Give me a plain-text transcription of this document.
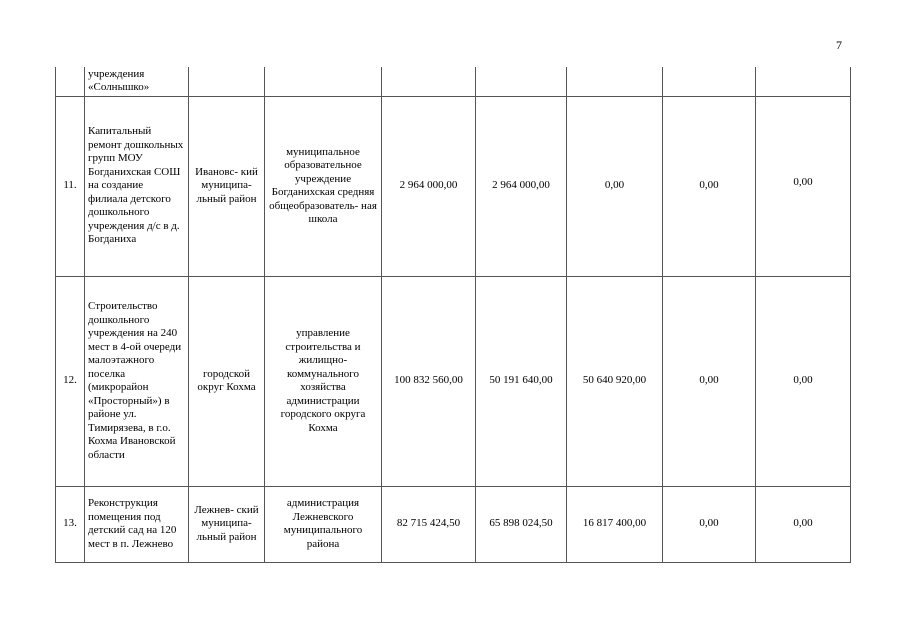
7
	учреждения «Солнышко»							
11.	Капитальный ремонт дошкольных групп МОУ Богданихская СОШ на создание филиала детского дошкольного учреждения д/с в д. Богданиха	Ивановс- кий муниципа- льный район	муниципальное образовательное учреждение Богданихская средняя общеобразователь- ная школа	2 964 000,00	2 964 000,00	0,00	0,00	0,00
12.	Строительство дошкольного учреждения на 240 мест в 4-ой очереди малоэтажного поселка (микрорайон «Просторный») в районе ул. Тимирязева, в г.о. Кохма Ивановской области	городской округ Кохма	управление строительства и жилищно- коммунального хозяйства администрации городского округа Кохма	100 832 560,00	50 191 640,00	50 640 920,00	0,00	0,00
13.	Реконструкция помещения под детский сад на 120 мест в п. Лежнево	Лежнев- ский муниципа- льный район	администрация Лежневского муниципального района	82 715 424,50	65 898 024,50	16 817 400,00	0,00	0,00
